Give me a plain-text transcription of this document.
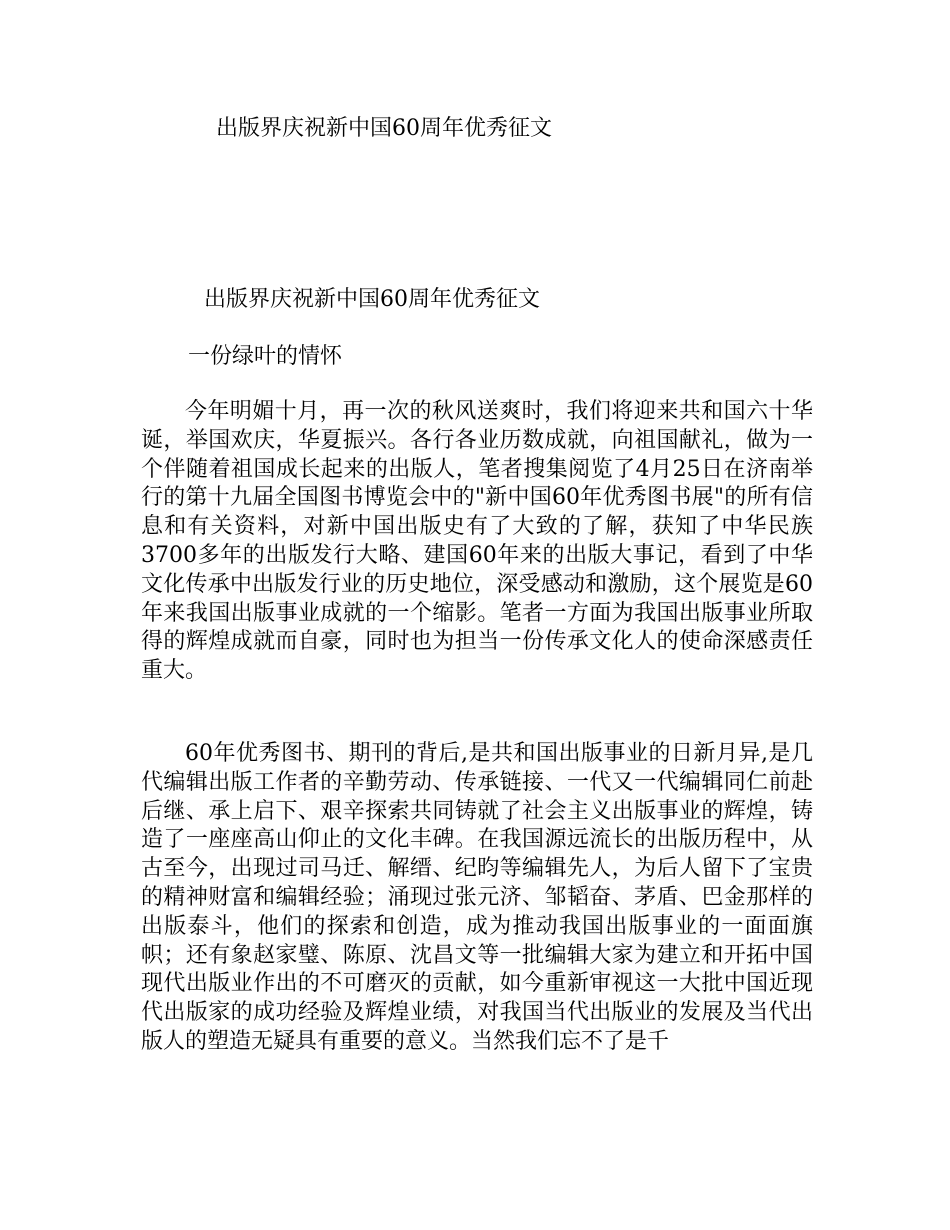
出版界庆祝新中国60周年优秀征文
出版界庆祝新中国60周年优秀征文
一份绿叶的情怀

今年明媚十月，再一次的秋风送爽时，我们将迎来共和国六十华诞，举国欢庆，华夏振兴。各行各业历数成就，向祖国献礼，做为一个伴随着祖国成长起来的出版人，笔者搜集阅览了4月25日在济南举行的第十九届全国图书博览会中的"新中国60年优秀图书展"的所有信息和有关资料，对新中国出版史有了大致的了解，获知了中华民族3700多年的出版发行大略、建国60年来的出版大事记，看到了中华文化传承中出版发行业的历史地位，深受感动和激励，这个展览是60年来我国出版事业成就的一个缩影。笔者一方面为我国出版事业所取得的辉煌成就而自豪，同时也为担当一份传承文化人的使命深感责任重大。

60年优秀图书、期刊的背后,是共和国出版事业的日新月异,是几代编辑出版工作者的辛勤劳动、传承链接、一代又一代编辑同仁前赴后继、承上启下、艰辛探索共同铸就了社会主义出版事业的辉煌，铸造了一座座高山仰止的文化丰碑。在我国源远流长的出版历程中，从古至今，出现过司马迁、解缙、纪昀等编辑先人，为后人留下了宝贵的精神财富和编辑经验；涌现过张元济、邹韬奋、茅盾、巴金那样的出版泰斗，他们的探索和创造，成为推动我国出版事业的一面面旗帜；还有象赵家璧、陈原、沈昌文等一批编辑大家为建立和开拓中国现代出版业作出的不可磨灭的贡献，如今重新审视这一大批中国近现代出版家的成功经验及辉煌业绩，对我国当代出版业的发展及当代出版人的塑造无疑具有重要的意义。当然我们忘不了是千
